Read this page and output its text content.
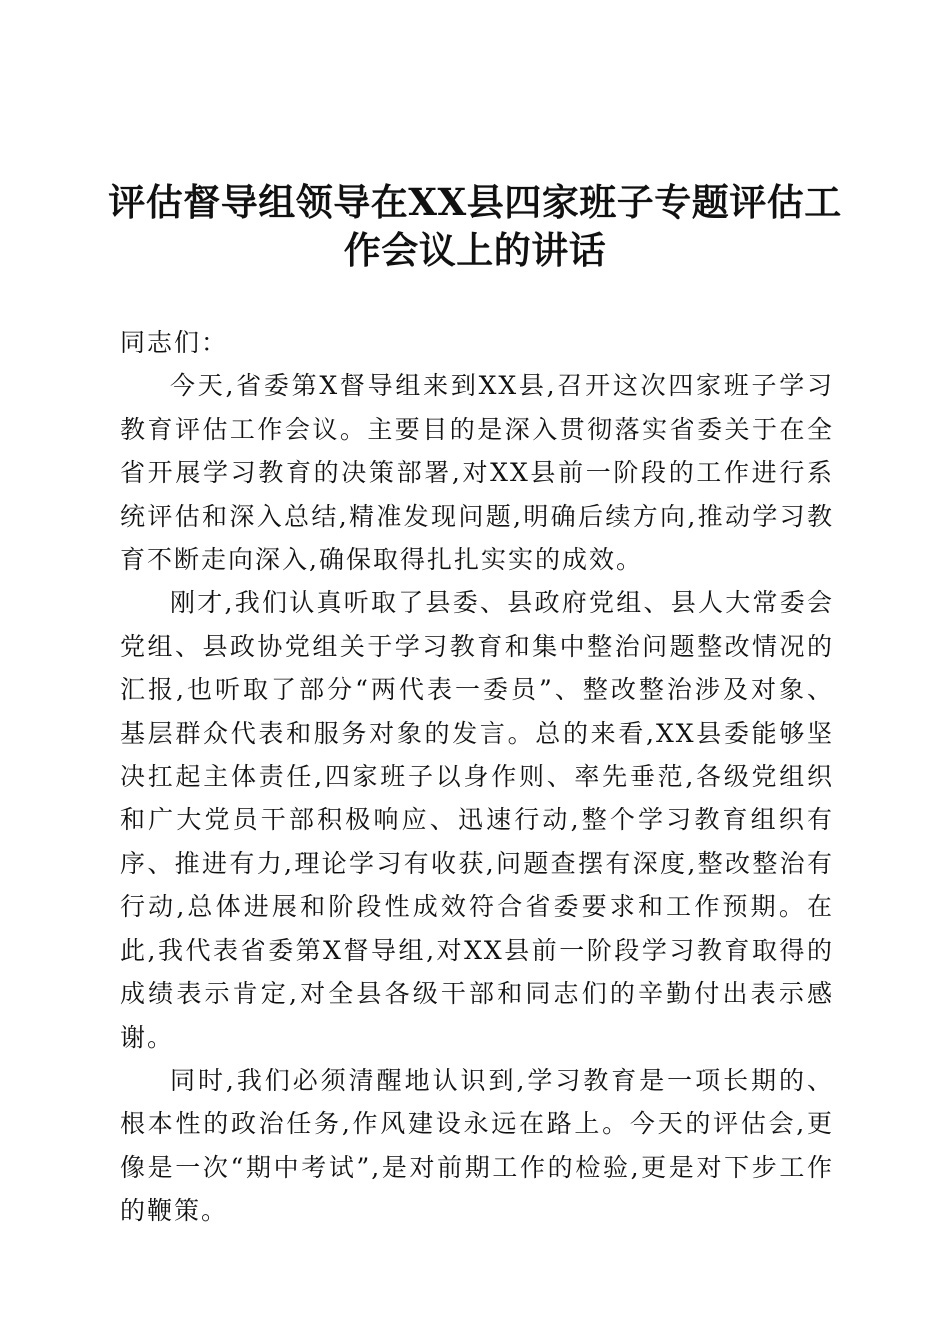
评估督导组领导在XX县四家班子专题评估工
作会议上的讲话

同志们：

今天,省委第X督导组来到XX县,召开这次四家班子学习教育评估工作会议。主要目的是深入贯彻落实省委关于在全省开展学习教育的决策部署,对XX县前一阶段的工作进行系统评估和深入总结,精准发现问题,明确后续方向,推动学习教育不断走向深入,确保取得扎扎实实的成效。

刚才,我们认真听取了县委、县政府党组、县人大常委会党组、县政协党组关于学习教育和集中整治问题整改情况的汇报,也听取了部分“两代表一委员”、整改整治涉及对象、基层群众代表和服务对象的发言。总的来看,XX县委能够坚决扛起主体责任,四家班子以身作则、率先垂范,各级党组织和广大党员干部积极响应、迅速行动,整个学习教育组织有序、推进有力,理论学习有收获,问题查摆有深度,整改整治有行动,总体进展和阶段性成效符合省委要求和工作预期。在此,我代表省委第X督导组,对XX县前一阶段学习教育取得的成绩表示肯定,对全县各级干部和同志们的辛勤付出表示感谢。

同时,我们必须清醒地认识到,学习教育是一项长期的、根本性的政治任务,作风建设永远在路上。今天的评估会,更像是一次“期中考试”,是对前期工作的检验,更是对下步工作的鞭策。
